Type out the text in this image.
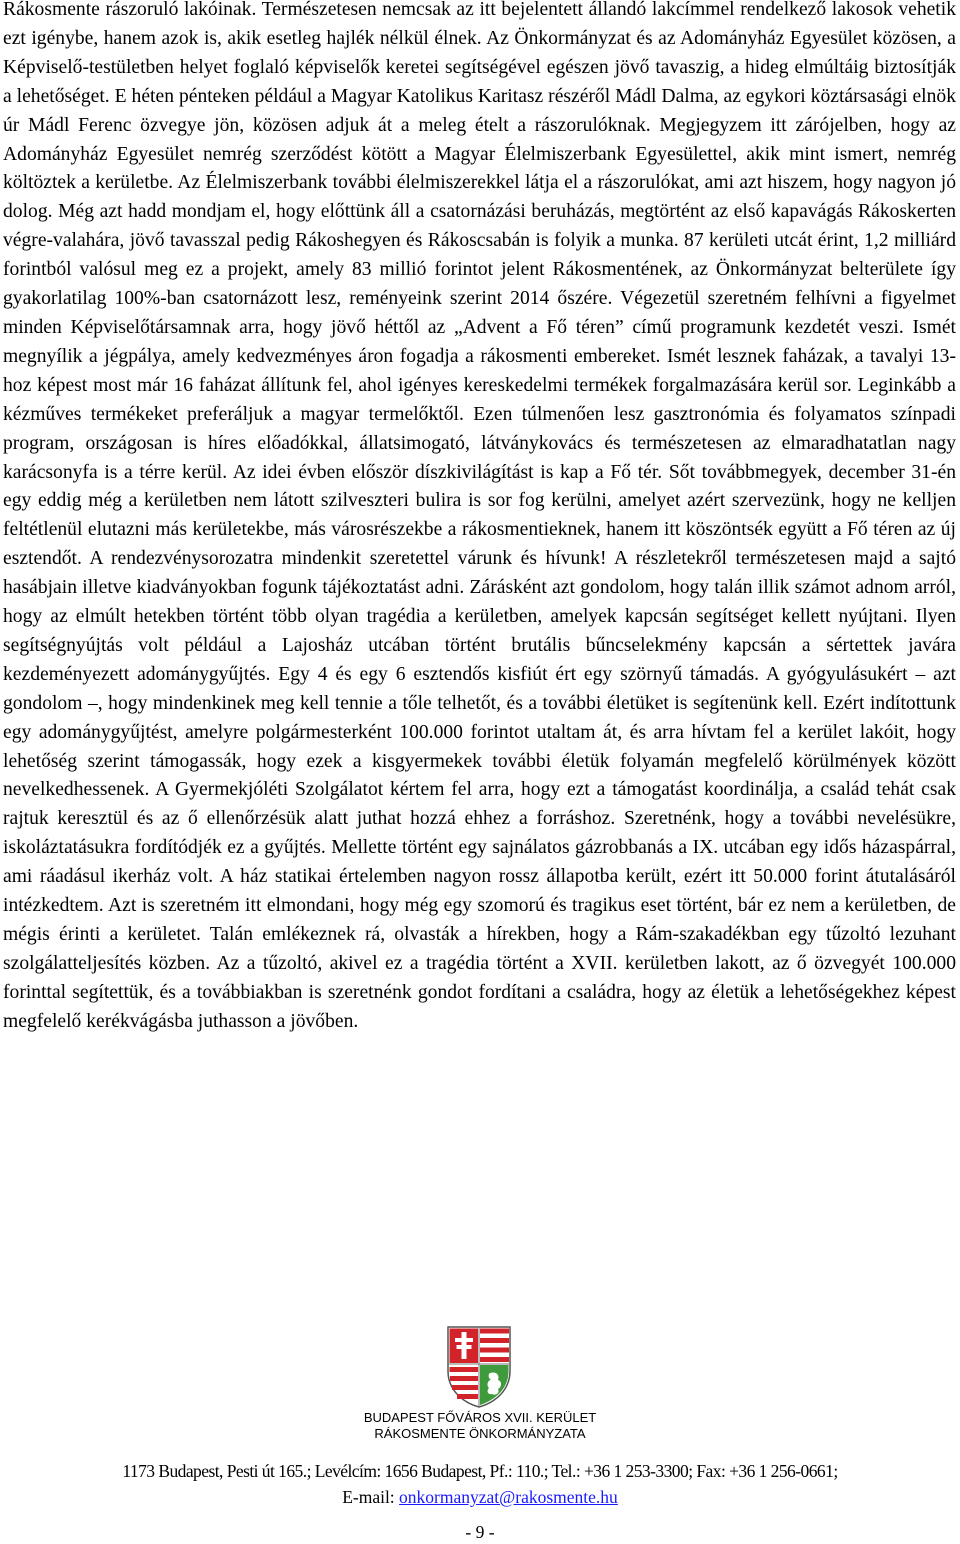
Rákosmente rászoruló lakóinak. Természetesen nemcsak az itt bejelentett állandó lakcímmel rendelkező lakosok vehetik ezt igénybe, hanem azok is, akik esetleg hajlék nélkül élnek. Az Önkormányzat és az Adományház Egyesület közösen, a Képviselő-testületben helyet foglaló képviselők keretei segítségével egészen jövő tavaszig, a hideg elmúltáig biztosítják a lehetőséget. E héten pénteken például a Magyar Katolikus Karitasz részéről Mádl Dalma, az egykori köztársasági elnök úr Mádl Ferenc özvegye jön, közösen adjuk át a meleg ételt a rászorulóknak. Megjegyzem itt zárójelben, hogy az Adományház Egyesület nemrég szerződést kötött a Magyar Élelmiszerbank Egyesülettel, akik mint ismert, nemrég költöztek a kerületbe. Az Élelmiszerbank további élelmiszerekkel látja el a rászorulókat, ami azt hiszem, hogy nagyon jó dolog. Még azt hadd mondjam el, hogy előttünk áll a csatornázási beruházás, megtörtént az első kapavágás Rákoskerten végre-valahára, jövő tavasszal pedig Rákoshegyen és Rákoscsabán is folyik a munka. 87 kerületi utcát érint, 1,2 milliárd forintból valósul meg ez a projekt, amely 83 millió forintot jelent Rákosmentének, az Önkormányzat belterülete így gyakorlatilag 100%-ban csatornázott lesz, reményeink szerint 2014 őszére. Végezetül szeretném felhívni a figyelmet minden Képviselőtársamnak arra, hogy jövő héttől az „Advent a Fő téren” című programunk kezdetét veszi. Ismét megnyílik a jégpálya, amely kedvezményes áron fogadja a rákosmenti embereket. Ismét lesznek faházak, a tavalyi 13-hoz képest most már 16 faházat állítunk fel, ahol igényes kereskedelmi termékek forgalmazására kerül sor. Leginkább a kézműves termékeket preferáljuk a magyar termelőktől. Ezen túlmenően lesz gasztronómia és folyamatos színpadi program, országosan is híres előadókkal, állatsimogató, látványkovács és természetesen az elmaradhatatlan nagy karácsonyfa is a térre kerül. Az idei évben először díszkivilágítást is kap a Fő tér. Sőt továbbmegyek, december 31-én egy eddig még a kerületben nem látott szilveszteri bulira is sor fog kerülni, amelyet azért szervezünk, hogy ne kelljen feltétlenül elutazni más kerületekbe, más városrészekbe a rákosmentieknek, hanem itt köszöntsék együtt a Fő téren az új esztendőt. A rendezvénysorozatra mindenkit szeretettel várunk és hívunk! A részletekről természetesen majd a sajtó hasábjain illetve kiadványokban fogunk tájékoztatást adni. Zárásként azt gondolom, hogy talán illik számot adnom arról, hogy az elmúlt hetekben történt több olyan tragédia a kerületben, amelyek kapcsán segítséget kellett nyújtani. Ilyen segítségnyújtás volt például a Lajosház utcában történt brutális bűncselekmény kapcsán a sértettek javára kezdeményezett adománygyűjtés. Egy 4 és egy 6 esztendős kisfiút ért egy szörnyű támadás. A gyógyulásukért – azt gondolom –, hogy mindenkinek meg kell tennie a tőle telhetőt, és a további életüket is segítenünk kell. Ezért indítottunk egy adománygyűjtést, amelyre polgármesterként 100.000 forintot utaltam át, és arra hívtam fel a kerület lakóit, hogy lehetőség szerint támogassák, hogy ezek a kisgyermekek további életük folyamán megfelelő körülmények között nevelkedhessenek. A Gyermekjóléti Szolgálatot kértem fel arra, hogy ezt a támogatást koordinálja, a család tehát csak rajtuk keresztül és az ő ellenőrzésük alatt juthat hozzá ehhez a forráshoz. Szeretnénk, hogy a további nevelésükre, iskoláztatásukra fordítódjék ez a gyűjtés. Mellette történt egy sajnálatos gázrobbanás a IX. utcában egy idős házaspárral, ami ráadásul ikerház volt. A ház statikai értelemben nagyon rossz állapotba került, ezért itt 50.000 forint átutalásáról intézkedtem. Azt is szeretném itt elmondani, hogy még egy szomorú és tragikus eset történt, bár ez nem a kerületben, de mégis érinti a kerületet. Talán emlékeznek rá, olvasták a hírekben, hogy a Rám-szakadékban egy tűzoltó lezuhant szolgálatteljesítés közben. Az a tűzoltó, akivel ez a tragédia történt a XVII. kerületben lakott, az ő özvegyét 100.000 forinttal segítettük, és a továbbiakban is szeretnénk gondot fordítani a családra, hogy az életük a lehetőségekhez képest megfelelő kerékvágásba juthasson a jövőben.

BUDAPEST FŐVÁROS XVII. KERÜLET
RÁKOSMENTE ÖNKORMÁNYZATA
1173 Budapest, Pesti út 165.; Levélcím: 1656 Budapest, Pf.: 110.; Tel.: +36 1 253-3300; Fax: +36 1 256-0661;
E-mail: onkormanyzat@rakosmente.hu
- 9 -
